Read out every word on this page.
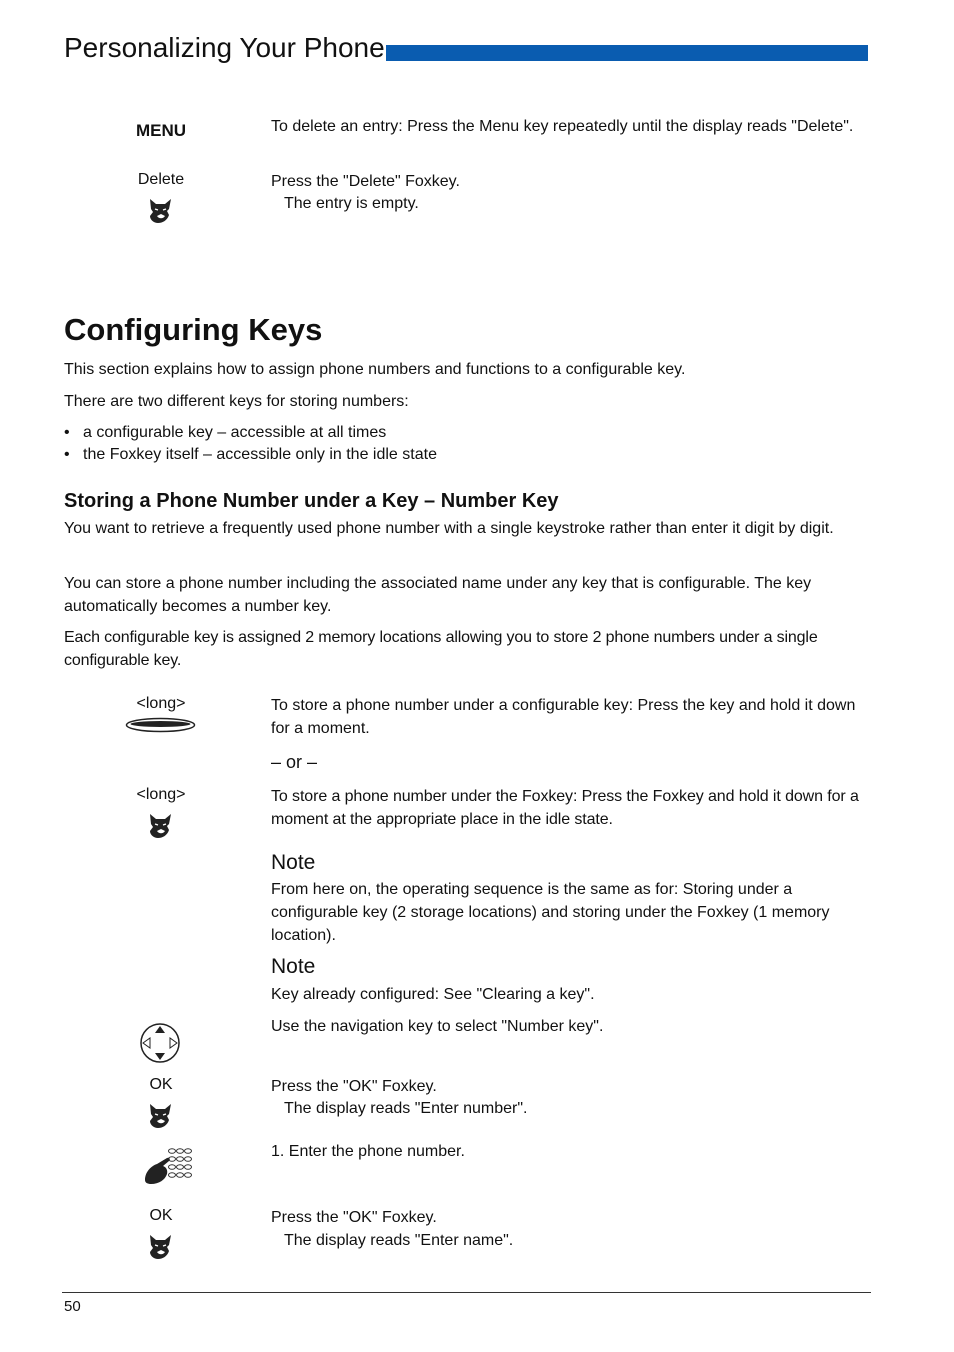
Personalizing Your Phone
MENU	To delete an entry: Press the Menu key repeatedly until the display reads "Delete".
Delete	Press the "Delete" Foxkey.
The entry is empty.
Configuring Keys
This section explains how to assign phone numbers and functions to a configurable key.
There are two different keys for storing numbers:
• a configurable key – accessible at all times
• the Foxkey itself – accessible only in the idle state
Storing a Phone Number under a Key – Number Key
You want to retrieve a frequently used phone number with a single keystroke rather than enter it digit by digit.
You can store a phone number including the associated name under any key that is configurable. The key automatically becomes a number key.
Each configurable key is assigned 2 memory locations allowing you to store 2 phone numbers under a single configurable key.
<long>	To store a phone number under a configurable key: Press the key and hold it down for a moment.
– or –
<long>	To store a phone number under the Foxkey: Press the Foxkey and hold it down for a moment at the appropriate place in the idle state.
Note
From here on, the operating sequence is the same as for: Storing under a configurable key (2 storage locations) and storing under the Foxkey (1 memory location).
Note
Key already configured: See "Clearing a key".
Use the navigation key to select "Number key".
OK	Press the "OK" Foxkey.
The display reads "Enter number".
1. Enter the phone number.
OK	Press the "OK" Foxkey.
The display reads "Enter name".
50
